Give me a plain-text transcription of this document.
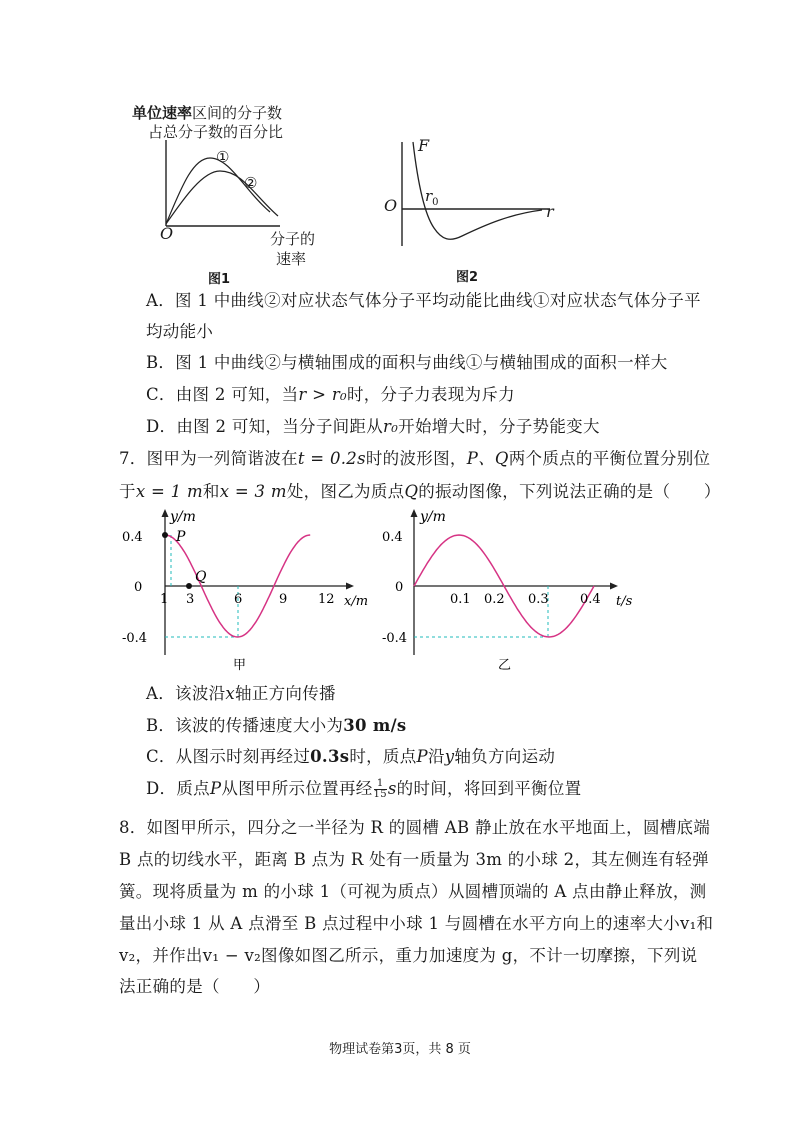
单位速率区间的分子数
占总分子数的百分比
①
②
O	分子的
速率
图1
F
O $r_0$	r
图2
A．图 1 中曲线②对应状态气体分子平均动能比曲线①对应状态气体分子平
均动能小
B．图 1 中曲线②与横轴围成的面积与曲线①与横轴围成的面积一样大
C．由图 2 可知，当r > r₀时，分子力表现为斥力
D．由图 2 可知，当分子间距从r₀开始增大时，分子势能变大
7．图甲为一列简谐波在t = 0.2s时的波形图，P、Q两个质点的平衡位置分别位
于x = 1 m和x = 3 m处，图乙为质点Q的振动图像，下列说法正确的是（　　）
y/m
P
Q
0.4
0
-0.4
1 3	6	9 12 x/m
甲
y/m
0.4
0
-0.4
0.1 0.2 0.3 0.4 t/s
乙
A．该波沿x轴正方向传播
B．该波的传播速度大小为30 m/s
C．从图示时刻再经过0.3s时，质点P沿y轴负方向运动
D．质点P从图甲所示位置再经 $\frac{1}{15}$ s的时间，将回到平衡位置
8．如图甲所示，四分之一半径为 R 的圆槽 AB 静止放在水平地面上，圆槽底端
B 点的切线水平，距离 B 点为 R 处有一质量为 3m 的小球 2，其左侧连有轻弹
簧。现将质量为 m 的小球 1（可视为质点）从圆槽顶端的 A 点由静止释放，测
量出小球 1 从 A 点滑至 B 点过程中小球 1 与圆槽在水平方向上的速率大小v₁和
v₂，并作出v₁ − v₂图像如图乙所示，重力加速度为 g，不计一切摩擦，下列说
法正确的是（　　）
物理试卷第3页，共 8 页
